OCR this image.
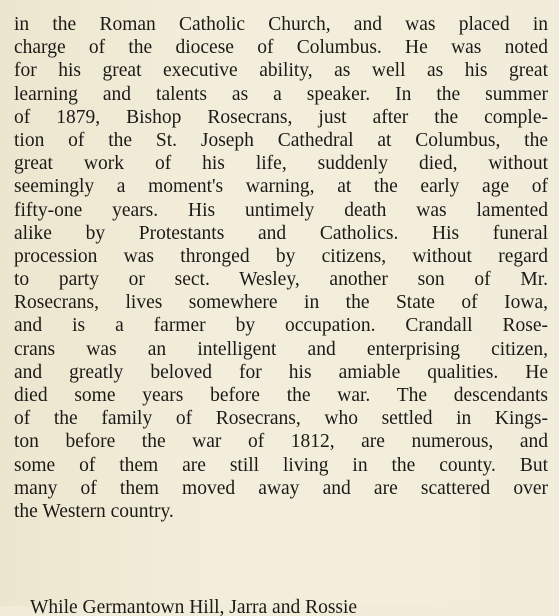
in the Roman Catholic Church, and was placed in
charge of the diocese of Columbus. He was noted
for his great executive ability, as well as his great
learning and talents as a speaker. In the summer
of 1879, Bishop Rosecrans, just after the comple-
tion of the St. Joseph Cathedral at Columbus, the
great work of his life, suddenly died, without
seemingly a moment's warning, at the early age of
fifty-one years. His untimely death was lamented
alike by Protestants and Catholics. His funeral
procession was thronged by citizens, without regard
to party or sect. Wesley, another son of Mr.
Rosecrans, lives somewhere in the State of Iowa,
and is a farmer by occupation. Crandall Rose-
crans was an intelligent and enterprising citizen,
and greatly beloved for his amiable qualities. He
died some years before the war. The descendants
of the family of Rosecrans, who settled in Kings-
ton before the war of 1812, are numerous, and
some of them are still living in the county. But
many of them moved away and are scattered over
the Western country.
While Germantown Hill, Jarra and Rossie
